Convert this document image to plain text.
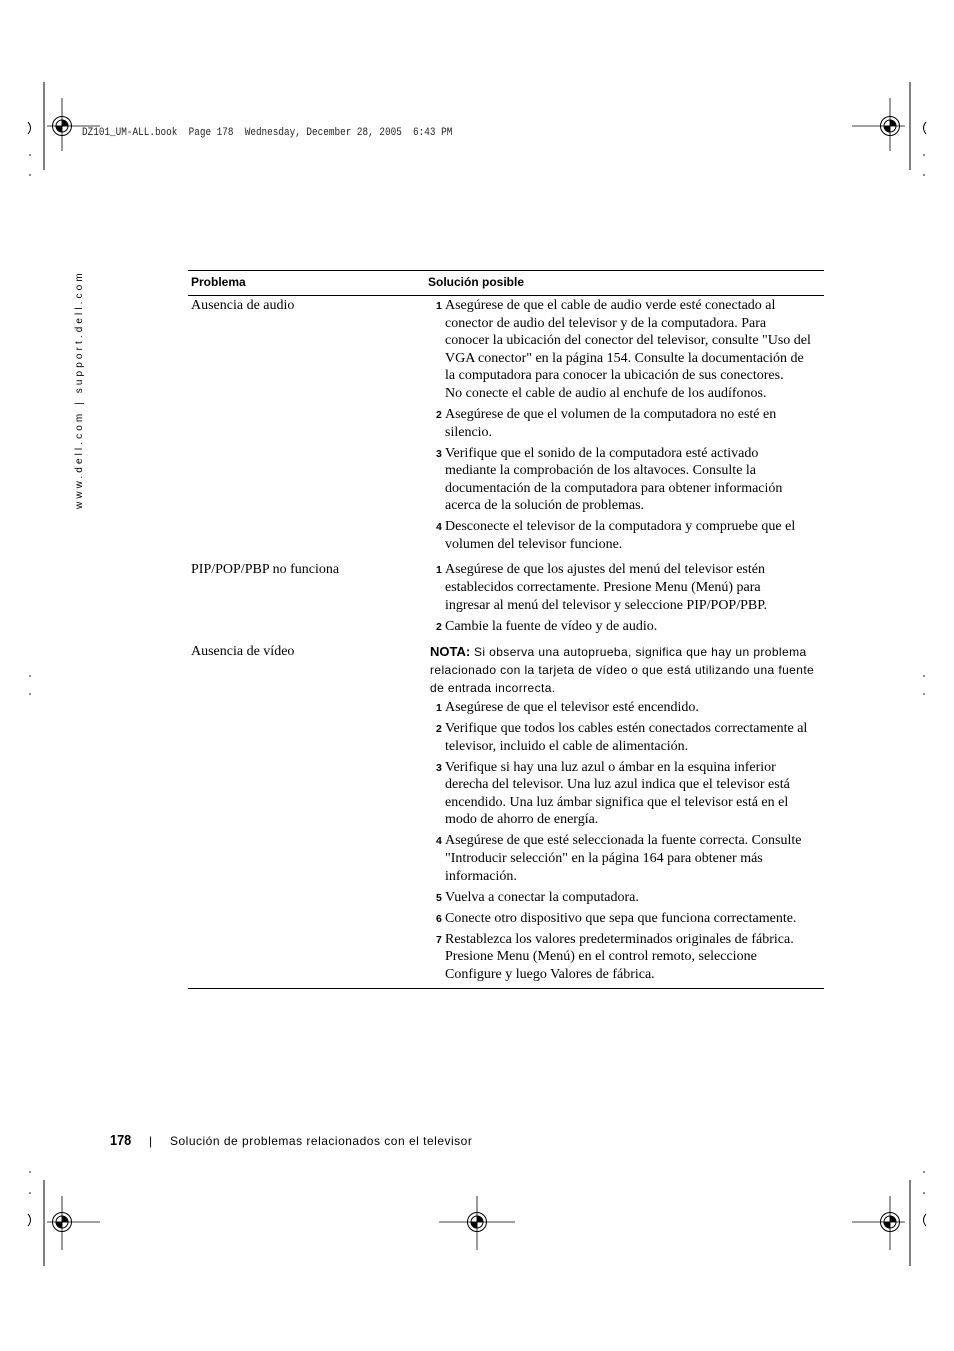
DZ101_UM-ALL.book  Page 178  Wednesday, December 28, 2005  6:43 PM
www.dell.com | support.dell.com	Problema	Solución posible
Ausencia de audio	1 Asegúrese de que el cable de audio verde esté conectado al
conector de audio del televisor y de la computadora. Para
conocer la ubicación del conector del televisor, consulte "Uso del
VGA conector" en la página 154. Consulte la documentación de
la computadora para conocer la ubicación de sus conectores.
No conecte el cable de audio al enchufe de los audífonos.
2 Asegúrese de que el volumen de la computadora no esté en
silencio.
3 Verifique que el sonido de la computadora esté activado
mediante la comprobación de los altavoces. Consulte la
documentación de la computadora para obtener información
acerca de la solución de problemas.
4 Desconecte el televisor de la computadora y compruebe que el
volumen del televisor funcione.
PIP/POP/PBP no funciona	1 Asegúrese de que los ajustes del menú del televisor estén
establecidos correctamente. Presione Menu (Menú) para
ingresar al menú del televisor y seleccione PIP/POP/PBP.
2 Cambie la fuente de vídeo y de audio.
Ausencia de vídeo	NOTA: Si observa una autoprueba, significa que hay un problema
relacionado con la tarjeta de vídeo o que está utilizando una fuente
de entrada incorrecta.
1 Asegúrese de que el televisor esté encendido.
2 Verifique que todos los cables estén conectados correctamente al
televisor, incluido el cable de alimentación.
3 Verifique si hay una luz azul o ámbar en la esquina inferior
derecha del televisor. Una luz azul indica que el televisor está
encendido. Una luz ámbar significa que el televisor está en el
modo de ahorro de energía.
4 Asegúrese de que esté seleccionada la fuente correcta. Consulte
"Introducir selección" en la página 164 para obtener más
información.
5 Vuelva a conectar la computadora.
6 Conecte otro dispositivo que sepa que funciona correctamente.
7 Restablezca los valores predeterminados originales de fábrica.
Presione Menu (Menú) en el control remoto, seleccione
Configure y luego Valores de fábrica.
178 | Solución de problemas relacionados con el televisor
